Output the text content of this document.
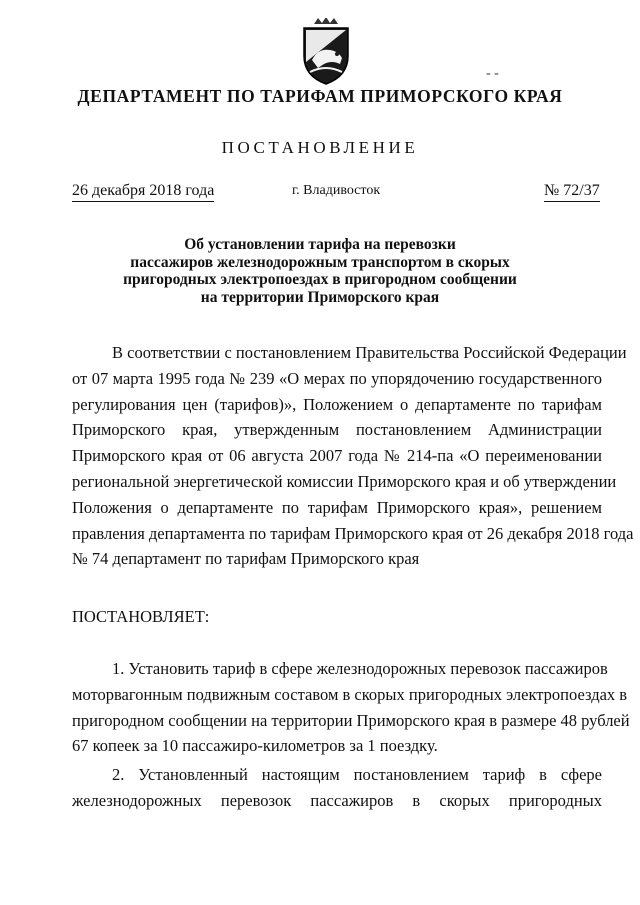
- -
ДЕПАРТАМЕНТ ПО ТАРИФАМ ПРИМОРСКОГО КРАЯ
ПОСТАНОВЛЕНИЕ
26 декабря 2018 года	г. Владивосток	№ 72/37
Об установлении тарифа на перевозки
пассажиров железнодорожным транспортом в скорых
пригородных электропоездах в пригородном сообщении
на территории Приморского края
В соответствии с постановлением Правительства Российской Федерации
от 07 марта 1995 года № 239 «О мерах по упорядочению государственного
регулирования цен (тарифов)», Положением о департаменте по тарифам
Приморского края, утвержденным постановлением Администрации
Приморского края от 06 августа 2007 года № 214-па «О переименовании
региональной энергетической комиссии Приморского края и об утверждении
Положения о департаменте по тарифам Приморского края», решением
правления департамента по тарифам Приморского края от 26 декабря 2018 года
№ 74 департамент по тарифам Приморского края
ПОСТАНОВЛЯЕТ:
1. Установить тариф в сфере железнодорожных перевозок пассажиров
моторвагонным подвижным составом в скорых пригородных электропоездах в
пригородном сообщении на территории Приморского края в размере 48 рублей
67 копеек за 10 пассажиро-километров за 1 поездку.
2. Установленный настоящим постановлением тариф в сфере
железнодорожных перевозок пассажиров в скорых пригородных
